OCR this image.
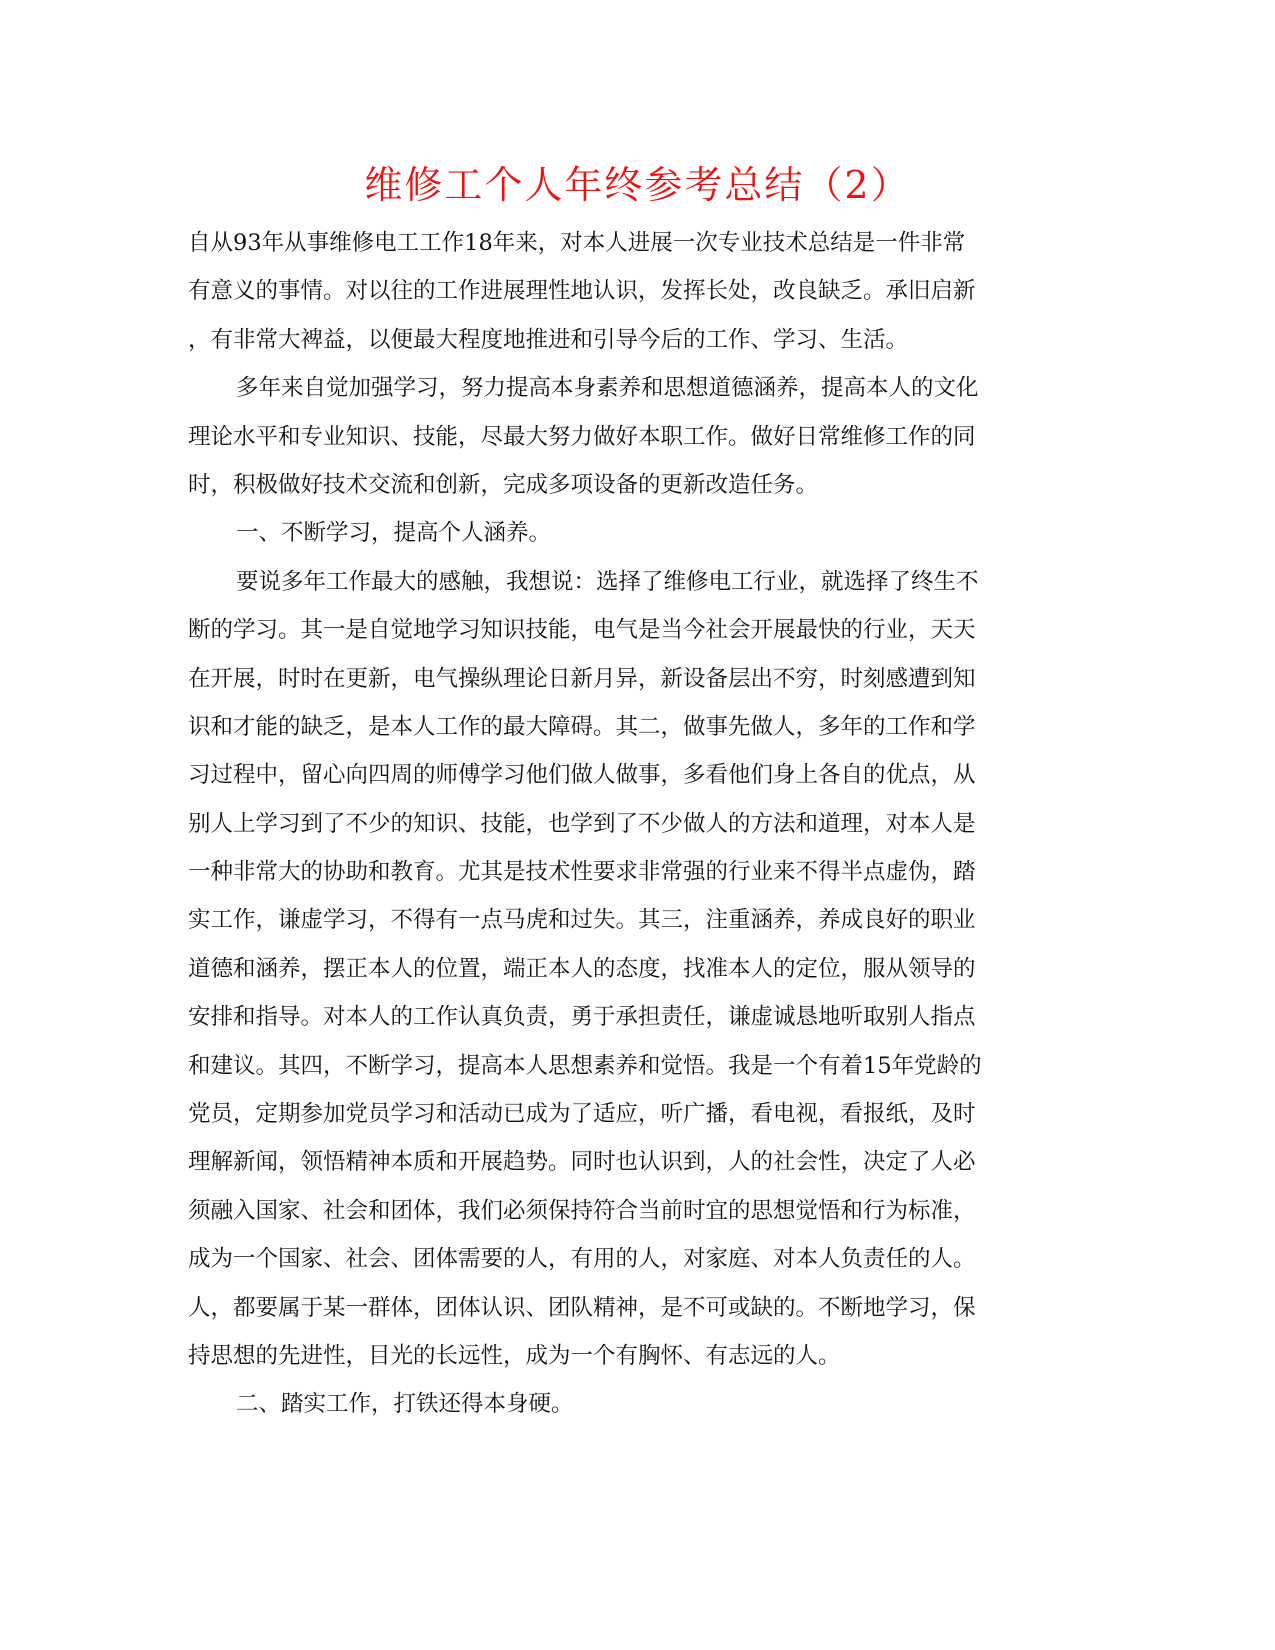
维修工个人年终参考总结（2）
自从93年从事维修电工工作18年来，对本人进展一次专业技术总结是一件非常
有意义的事情。对以往的工作进展理性地认识，发挥长处，改良缺乏。承旧启新
，有非常大裨益，以便最大程度地推进和引导今后的工作、学习、生活。
多年来自觉加强学习，努力提高本身素养和思想道德涵养，提高本人的文化
理论水平和专业知识、技能，尽最大努力做好本职工作。做好日常维修工作的同
时，积极做好技术交流和创新，完成多项设备的更新改造任务。
一、不断学习，提高个人涵养。
要说多年工作最大的感触，我想说：选择了维修电工行业，就选择了终生不
断的学习。其一是自觉地学习知识技能，电气是当今社会开展最快的行业，天天
在开展，时时在更新，电气操纵理论日新月异，新设备层出不穷，时刻感遭到知
识和才能的缺乏，是本人工作的最大障碍。其二，做事先做人，多年的工作和学
习过程中，留心向四周的师傅学习他们做人做事，多看他们身上各自的优点，从
别人上学习到了不少的知识、技能，也学到了不少做人的方法和道理，对本人是
一种非常大的协助和教育。尤其是技术性要求非常强的行业来不得半点虚伪，踏
实工作，谦虚学习，不得有一点马虎和过失。其三，注重涵养，养成良好的职业
道德和涵养，摆正本人的位置，端正本人的态度，找准本人的定位，服从领导的
安排和指导。对本人的工作认真负责，勇于承担责任，谦虚诚恳地听取别人指点
和建议。其四，不断学习，提高本人思想素养和觉悟。我是一个有着15年党龄的
党员，定期参加党员学习和活动已成为了适应，听广播，看电视，看报纸，及时
理解新闻，领悟精神本质和开展趋势。同时也认识到，人的社会性，决定了人必
须融入国家、社会和团体，我们必须保持符合当前时宜的思想觉悟和行为标准，
成为一个国家、社会、团体需要的人，有用的人，对家庭、对本人负责任的人。
人，都要属于某一群体，团体认识、团队精神，是不可或缺的。不断地学习，保
持思想的先进性，目光的长远性，成为一个有胸怀、有志远的人。
二、踏实工作，打铁还得本身硬。
